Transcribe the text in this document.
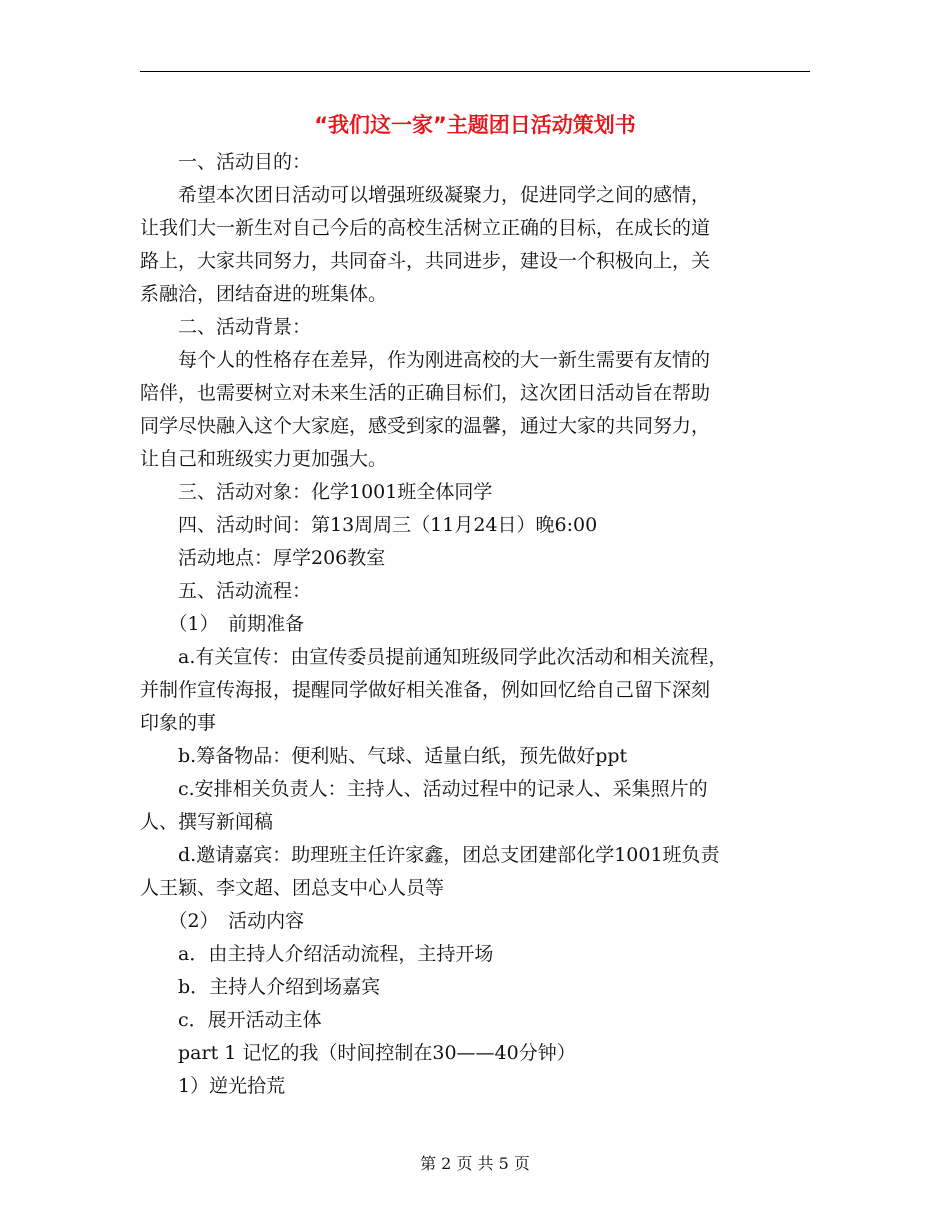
“我们这一家”主题团日活动策划书

　　一、活动目的：

　　希望本次团日活动可以增强班级凝聚力，促进同学之间的感情，

让我们大一新生对自己今后的高校生活树立正确的目标，在成长的道

路上，大家共同努力，共同奋斗，共同进步，建设一个积极向上，关

系融洽，团结奋进的班集体。

　　二、活动背景：

　　每个人的性格存在差异，作为刚进高校的大一新生需要有友情的

陪伴，也需要树立对未来生活的正确目标们，这次团日活动旨在帮助

同学尽快融入这个大家庭，感受到家的温馨，通过大家的共同努力，

让自己和班级实力更加强大。

　　三、活动对象：化学1001班全体同学

　　四、活动时间：第13周周三（11月24日）晚6:00

　　活动地点：厚学206教室

　　五、活动流程：

　　（1）　前期准备

　　a.有关宣传：由宣传委员提前通知班级同学此次活动和相关流程，

并制作宣传海报，提醒同学做好相关准备，例如回忆给自己留下深刻

印象的事

　　b.筹备物品：便利贴、气球、适量白纸，预先做好ppt

　　c.安排相关负责人：主持人、活动过程中的记录人、采集照片的

人、撰写新闻稿

　　d.邀请嘉宾：助理班主任许家鑫，团总支团建部化学1001班负责

人王颖、李文超、团总支中心人员等

　　（2）　活动内容

　　a．由主持人介绍活动流程，主持开场

　　b．主持人介绍到场嘉宾

　　c．展开活动主体

　　part 1 记忆的我（时间控制在30——40分钟）

　　1）逆光拾荒

第 2 页 共 5 页
